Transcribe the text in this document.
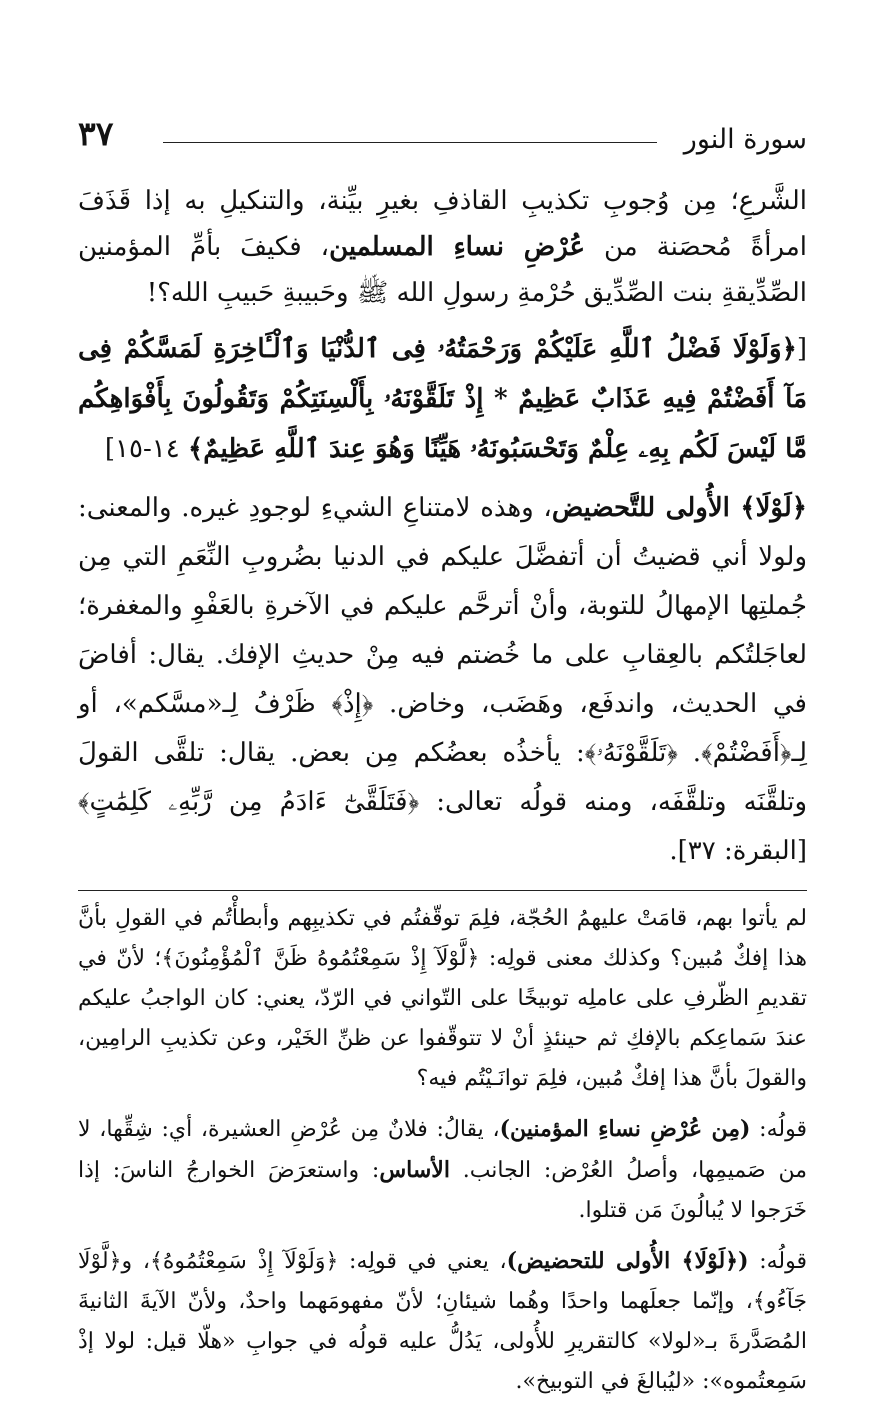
سورة النور
٣٧

الشَّرعِ؛ مِن وُجوبِ تكذيبِ القاذفِ بغيرِ بيِّنة، والتنكيلِ به إذا قَذَفَ امرأةً مُحصَنة من عُرْضِ نساءِ المسلمين، فكيفَ بأمِّ المؤمنين الصِّدِّيقةِ بنت الصِّدِّيق حُرْمةِ رسولِ الله ﷺ وحَبيبةِ حَبيبِ الله؟!

[﴿وَلَوْلَا فَضْلُ ٱللَّهِ عَلَيْكُمْ وَرَحْمَتُهُۥ فِى ٱلدُّنْيَا وَٱلْـَٔاخِرَةِ لَمَسَّكُمْ فِى مَآ أَفَضْتُمْ فِيهِ عَذَابٌ عَظِيمٌ * إِذْ تَلَقَّوْنَهُۥ بِأَلْسِنَتِكُمْ وَتَقُولُونَ بِأَفْوَاهِكُم مَّا لَيْسَ لَكُم بِهِۦ عِلْمٌ وَتَحْسَبُونَهُۥ هَيِّنًا وَهُوَ عِندَ ٱللَّهِ عَظِيمٌ﴾ ١٤-١٥]

﴿لَوْلَا﴾ الأُولى للتَّحضيض، وهذه لامتناعِ الشيءِ لوجودِ غيره. والمعنى: ولولا أني قضيتُ أن أتفضَّلَ عليكم في الدنيا بضُروبِ النِّعَمِ التي مِن جُملتِها الإمهالُ للتوبة، وأنْ أترحَّم عليكم في الآخرةِ بالعَفْوِ والمغفرة؛ لعاجَلتُكم بالعِقابِ على ما خُضتم فيه مِنْ حديثِ الإفك. يقال: أفاضَ في الحديث، واندفَع، وهَضَب، وخاض. ﴿إِذْ﴾ ظَرْفُ لِـ«مسَّكم»، أو لِـ﴿أَفَضْتُمْ﴾. ﴿تَلَقَّوْنَهُۥ﴾: يأخذُه بعضُكم مِن بعض. يقال: تلقَّى القولَ وتلقَّنَه وتلقَّفَه، ومنه قولُه تعالى: ﴿فَتَلَقَّىٰٓ ءَادَمُ مِن رَّبِّهِۦ كَلِمَٰتٍ﴾ [البقرة: ٣٧].

لم يأتوا بهم، قامَتْ عليهمُ الحُجّة، فلِمَ توقّفتُم في تكذيبِهم وأبطأْتُم في القولِ بأنَّ هذا إفكٌ مُبين؟ وكذلك معنى قولِه: ﴿لَّوْلَآ إِذْ سَمِعْتُمُوهُ ظَنَّ ٱلْمُؤْمِنُونَ﴾؛ لأنّ في تقديمِ الظّرفِ على عاملِه توبيخًا على التّواني في الرّدّ، يعني: كان الواجبُ عليكم عندَ سَماعِكم بالإفكِ ثم حينئذٍ أنْ لا تتوقّفوا عن ظنِّ الخَيْر، وعن تكذيبِ الرامِين، والقولَ بأنَّ هذا إفكٌ مُبين، فلِمَ توانَـيْتُم فيه؟

قولُه: (مِن عُرْضِ نساءِ المؤمنين)، يقالُ: فلانٌ مِن عُرْضِ العشيرة، أي: شِقِّها، لا من صَميمِها، وأصلُ العُرْض: الجانب. الأساس: واستعرَضَ الخوارجُ الناسَ: إذا خَرَجوا لا يُبالُونَ مَن قتلوا.

قولُه: (﴿لَوْلَا﴾ الأُولى للتحضيض)، يعني في قولِه: ﴿وَلَوْلَآ إِذْ سَمِعْتُمُوهُ﴾، و﴿لَّوْلَا جَآءُو﴾، وإنّما جعلَهما واحدًا وهُما شيئانِ؛ لأنّ مفهومَهما واحدٌ، ولأنّ الآيةَ الثانيةَ المُصَدَّرةَ بـ«لولا» كالتقريرِ للأُولى، يَدُلُّ عليه قولُه في جوابِ «هلّا قيل: لولا إذْ سَمِعتُموه»: «ليُبالغَ في التوبيخ».
